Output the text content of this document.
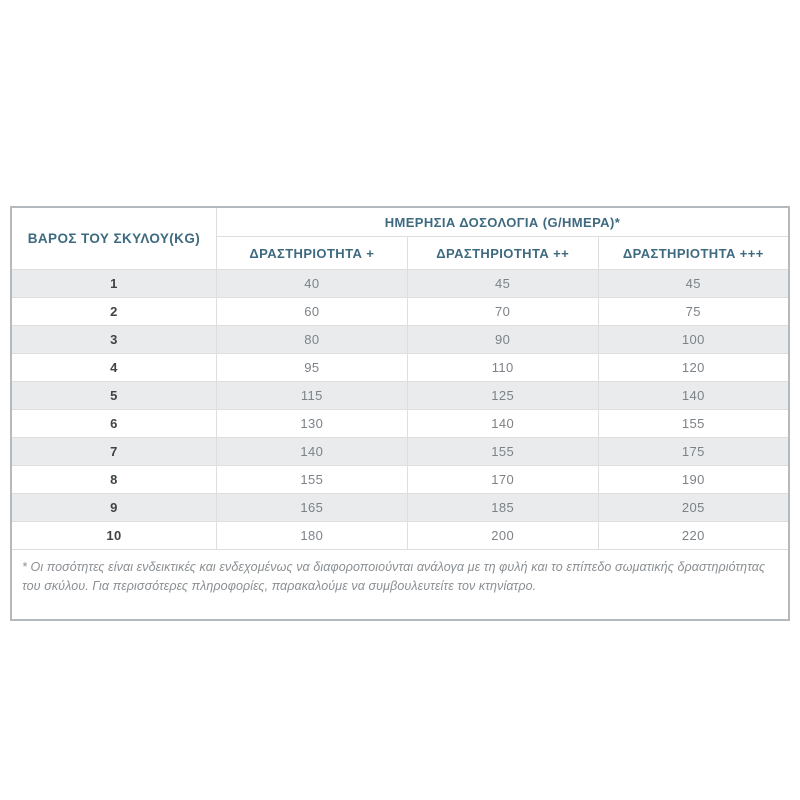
ΒΑΡΟΣ ΤΟΥ ΣΚΥΛΟΥ(KG)	ΗΜΕΡΗΣΙΑ ΔΟΣΟΛΟΓΙΑ (G/ΗΜΕΡΑ)*		
	ΔΡΑΣΤΗΡΙΟΤΗΤΑ +	ΔΡΑΣΤΗΡΙΟΤΗΤΑ ++	ΔΡΑΣΤΗΡΙΟΤΗΤΑ +++
1	40	45	45
2	60	70	75
3	80	90	100
4	95	110	120
5	115	125	140
6	130	140	155
7	140	155	175
8	155	170	190
9	165	185	205
10	180	200	220
* Οι ποσότητες είναι ενδεικτικές και ενδεχομένως να διαφοροποιούνται ανάλογα με τη φυλή και το επίπεδο σωματικής δραστηριότητας του σκύλου. Για περισσότερες πληροφορίες, παρακαλούμε να συμβουλευτείτε τον κτηνίατρο.			
